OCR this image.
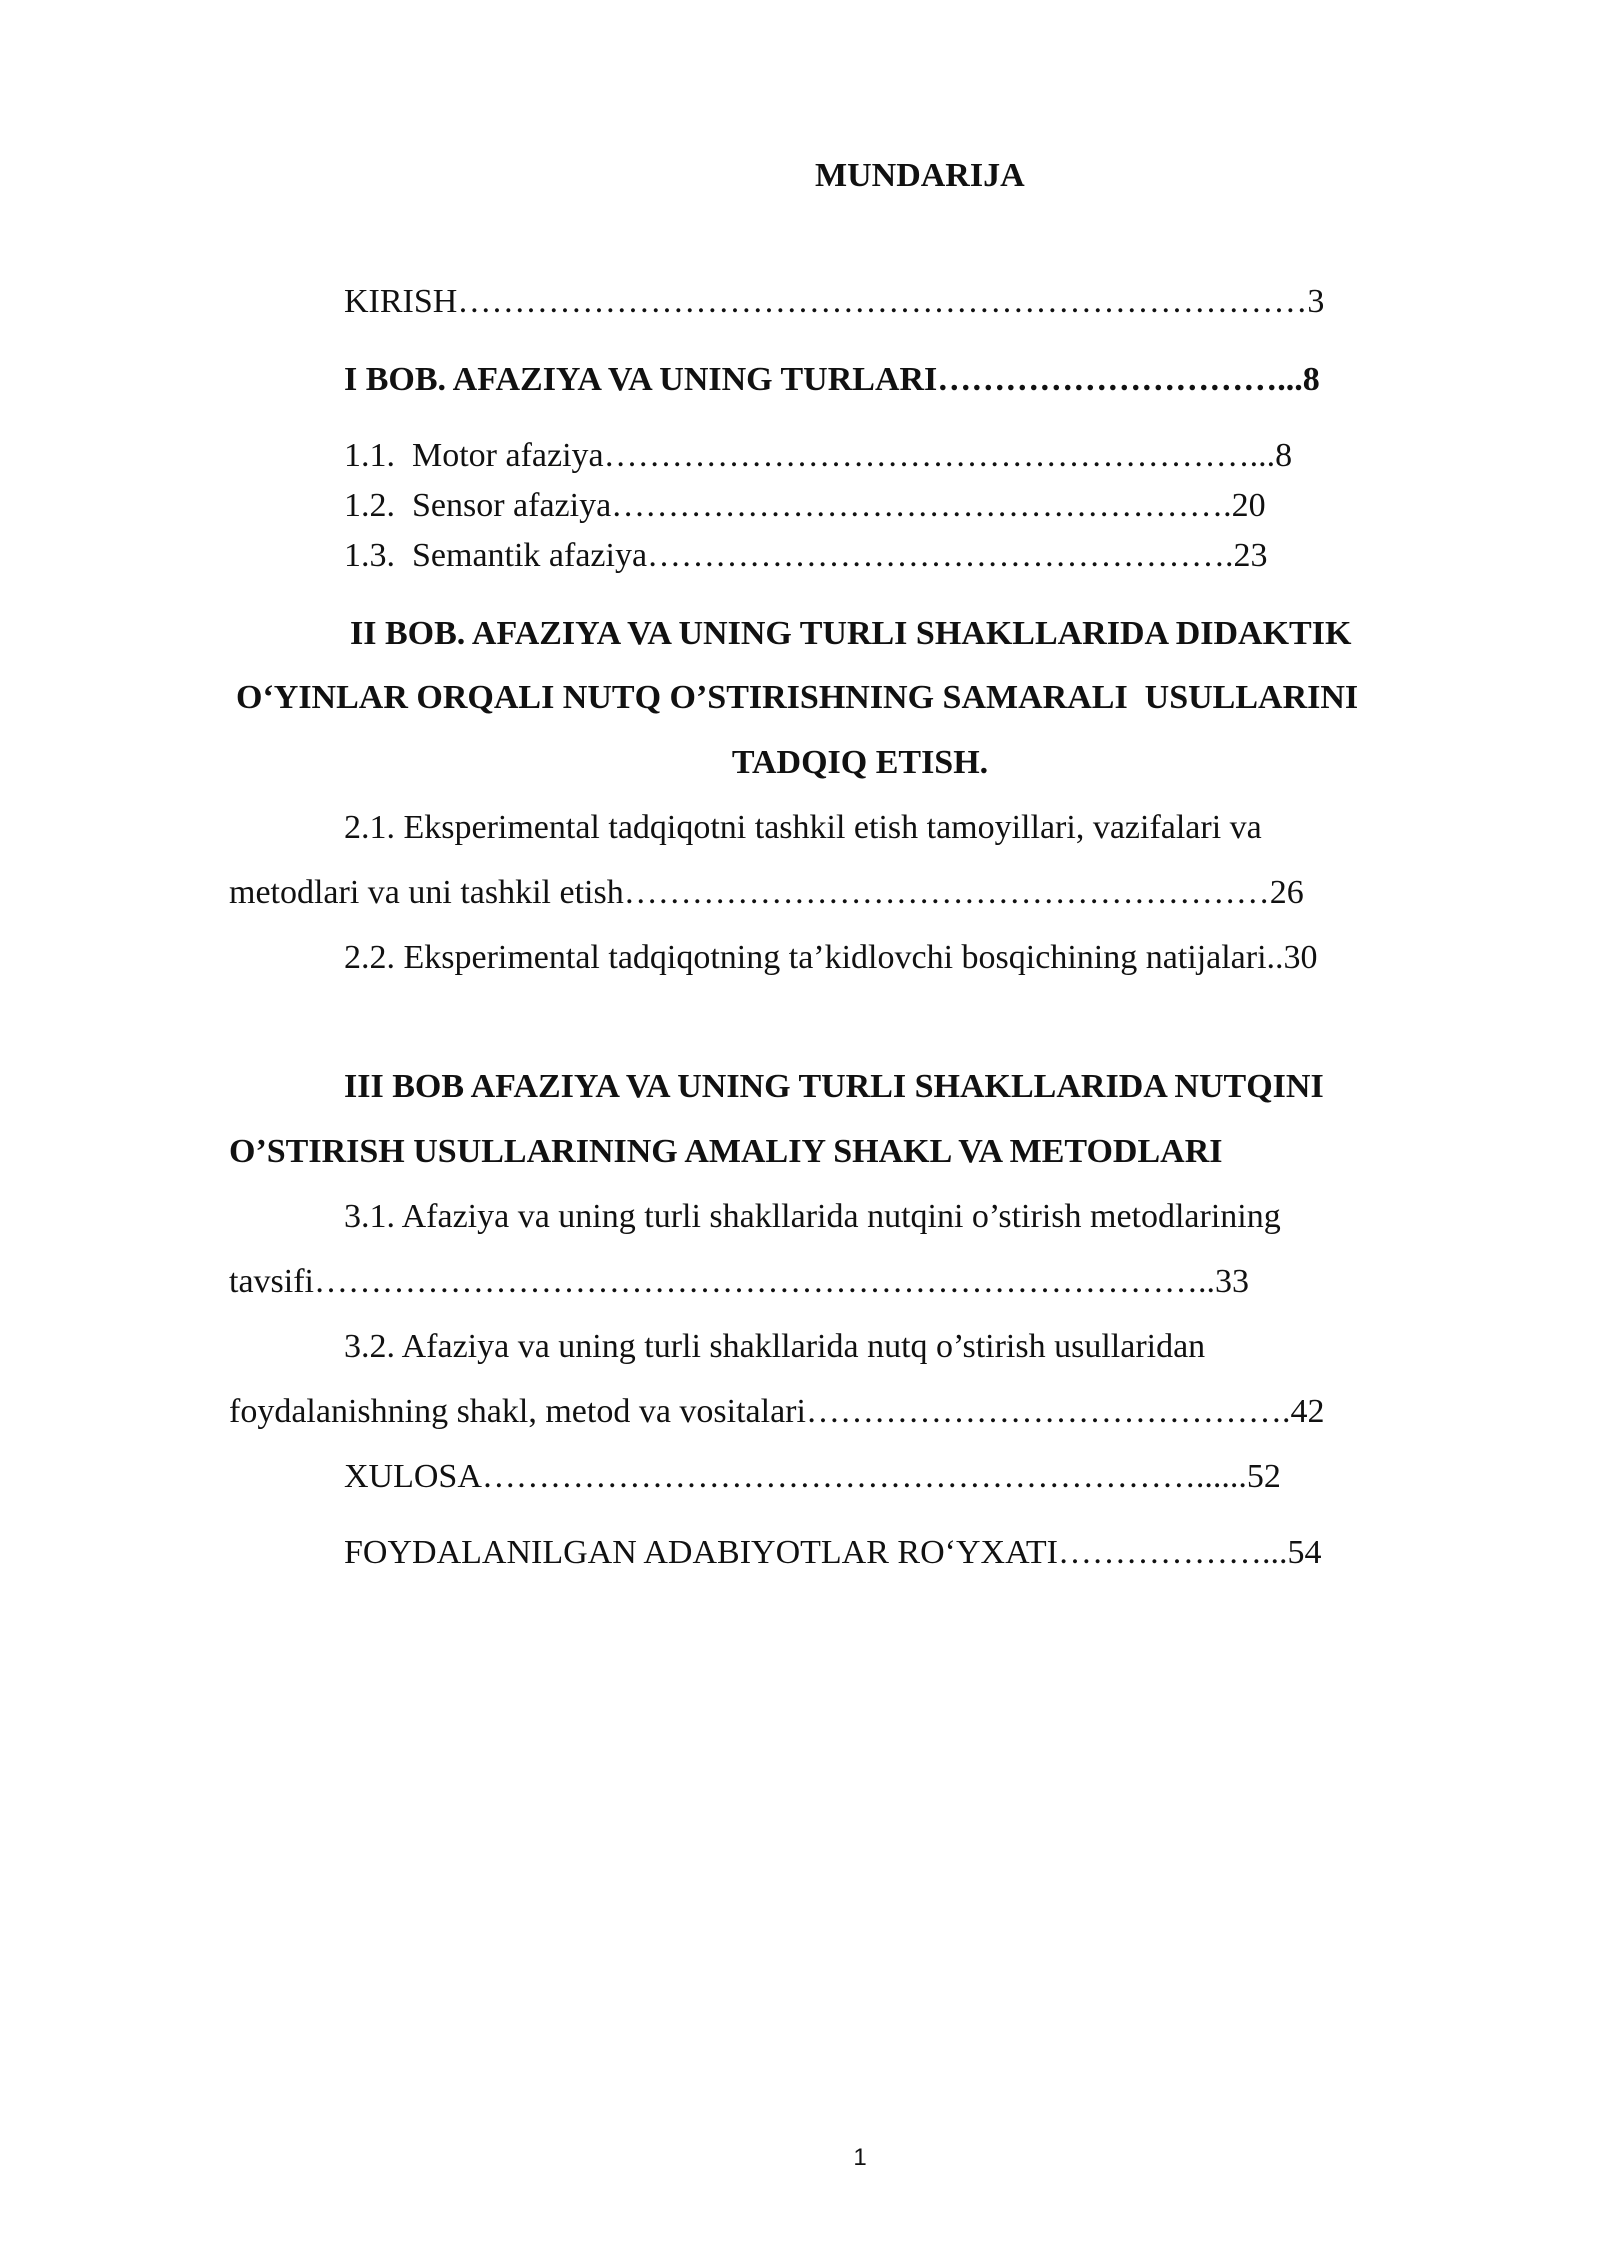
MUNDARIJA
KIRISH…………………………………………………………………3
I BOB. AFAZIYA VA UNING TURLARI…………………………...8
1.1.  Motor afaziya…………………………………………………...8
1.2.  Sensor afaziya……………………………………………….20
1.3.  Semantik afaziya…………………………………………….23
II BOB. AFAZIYA VA UNING TURLI SHAKLLARIDA DIDAKTIK
O‘YINLAR ORQALI NUTQ O’STIRISHNING SAMARALI  USULLARINI
TADQIQ ETISH.
2.1. Eksperimental tadqiqotni tashkil etish tamoyillari, vazifalari va
metodlari va uni tashkil etish…………………………………………………26
2.2. Eksperimental tadqiqotning ta’kidlovchi bosqichining natijalari..30
III BOB AFAZIYA VA UNING TURLI SHAKLLARIDA NUTQINI
O’STIRISH USULLARINING AMALIY SHAKL VA METODLARI
3.1. Afaziya va uning turli shakllarida nutqini o’stirish metodlarining
tavsifi……………………………………………………………………..33
3.2. Afaziya va uning turli shakllarida nutq o’stirish usullaridan
foydalanishning shakl, metod va vositalari…………………………………….42
XULOSA………………………………………………………......52
FOYDALANILGAN ADABIYOTLAR RO‘YXATI………………...54
1
